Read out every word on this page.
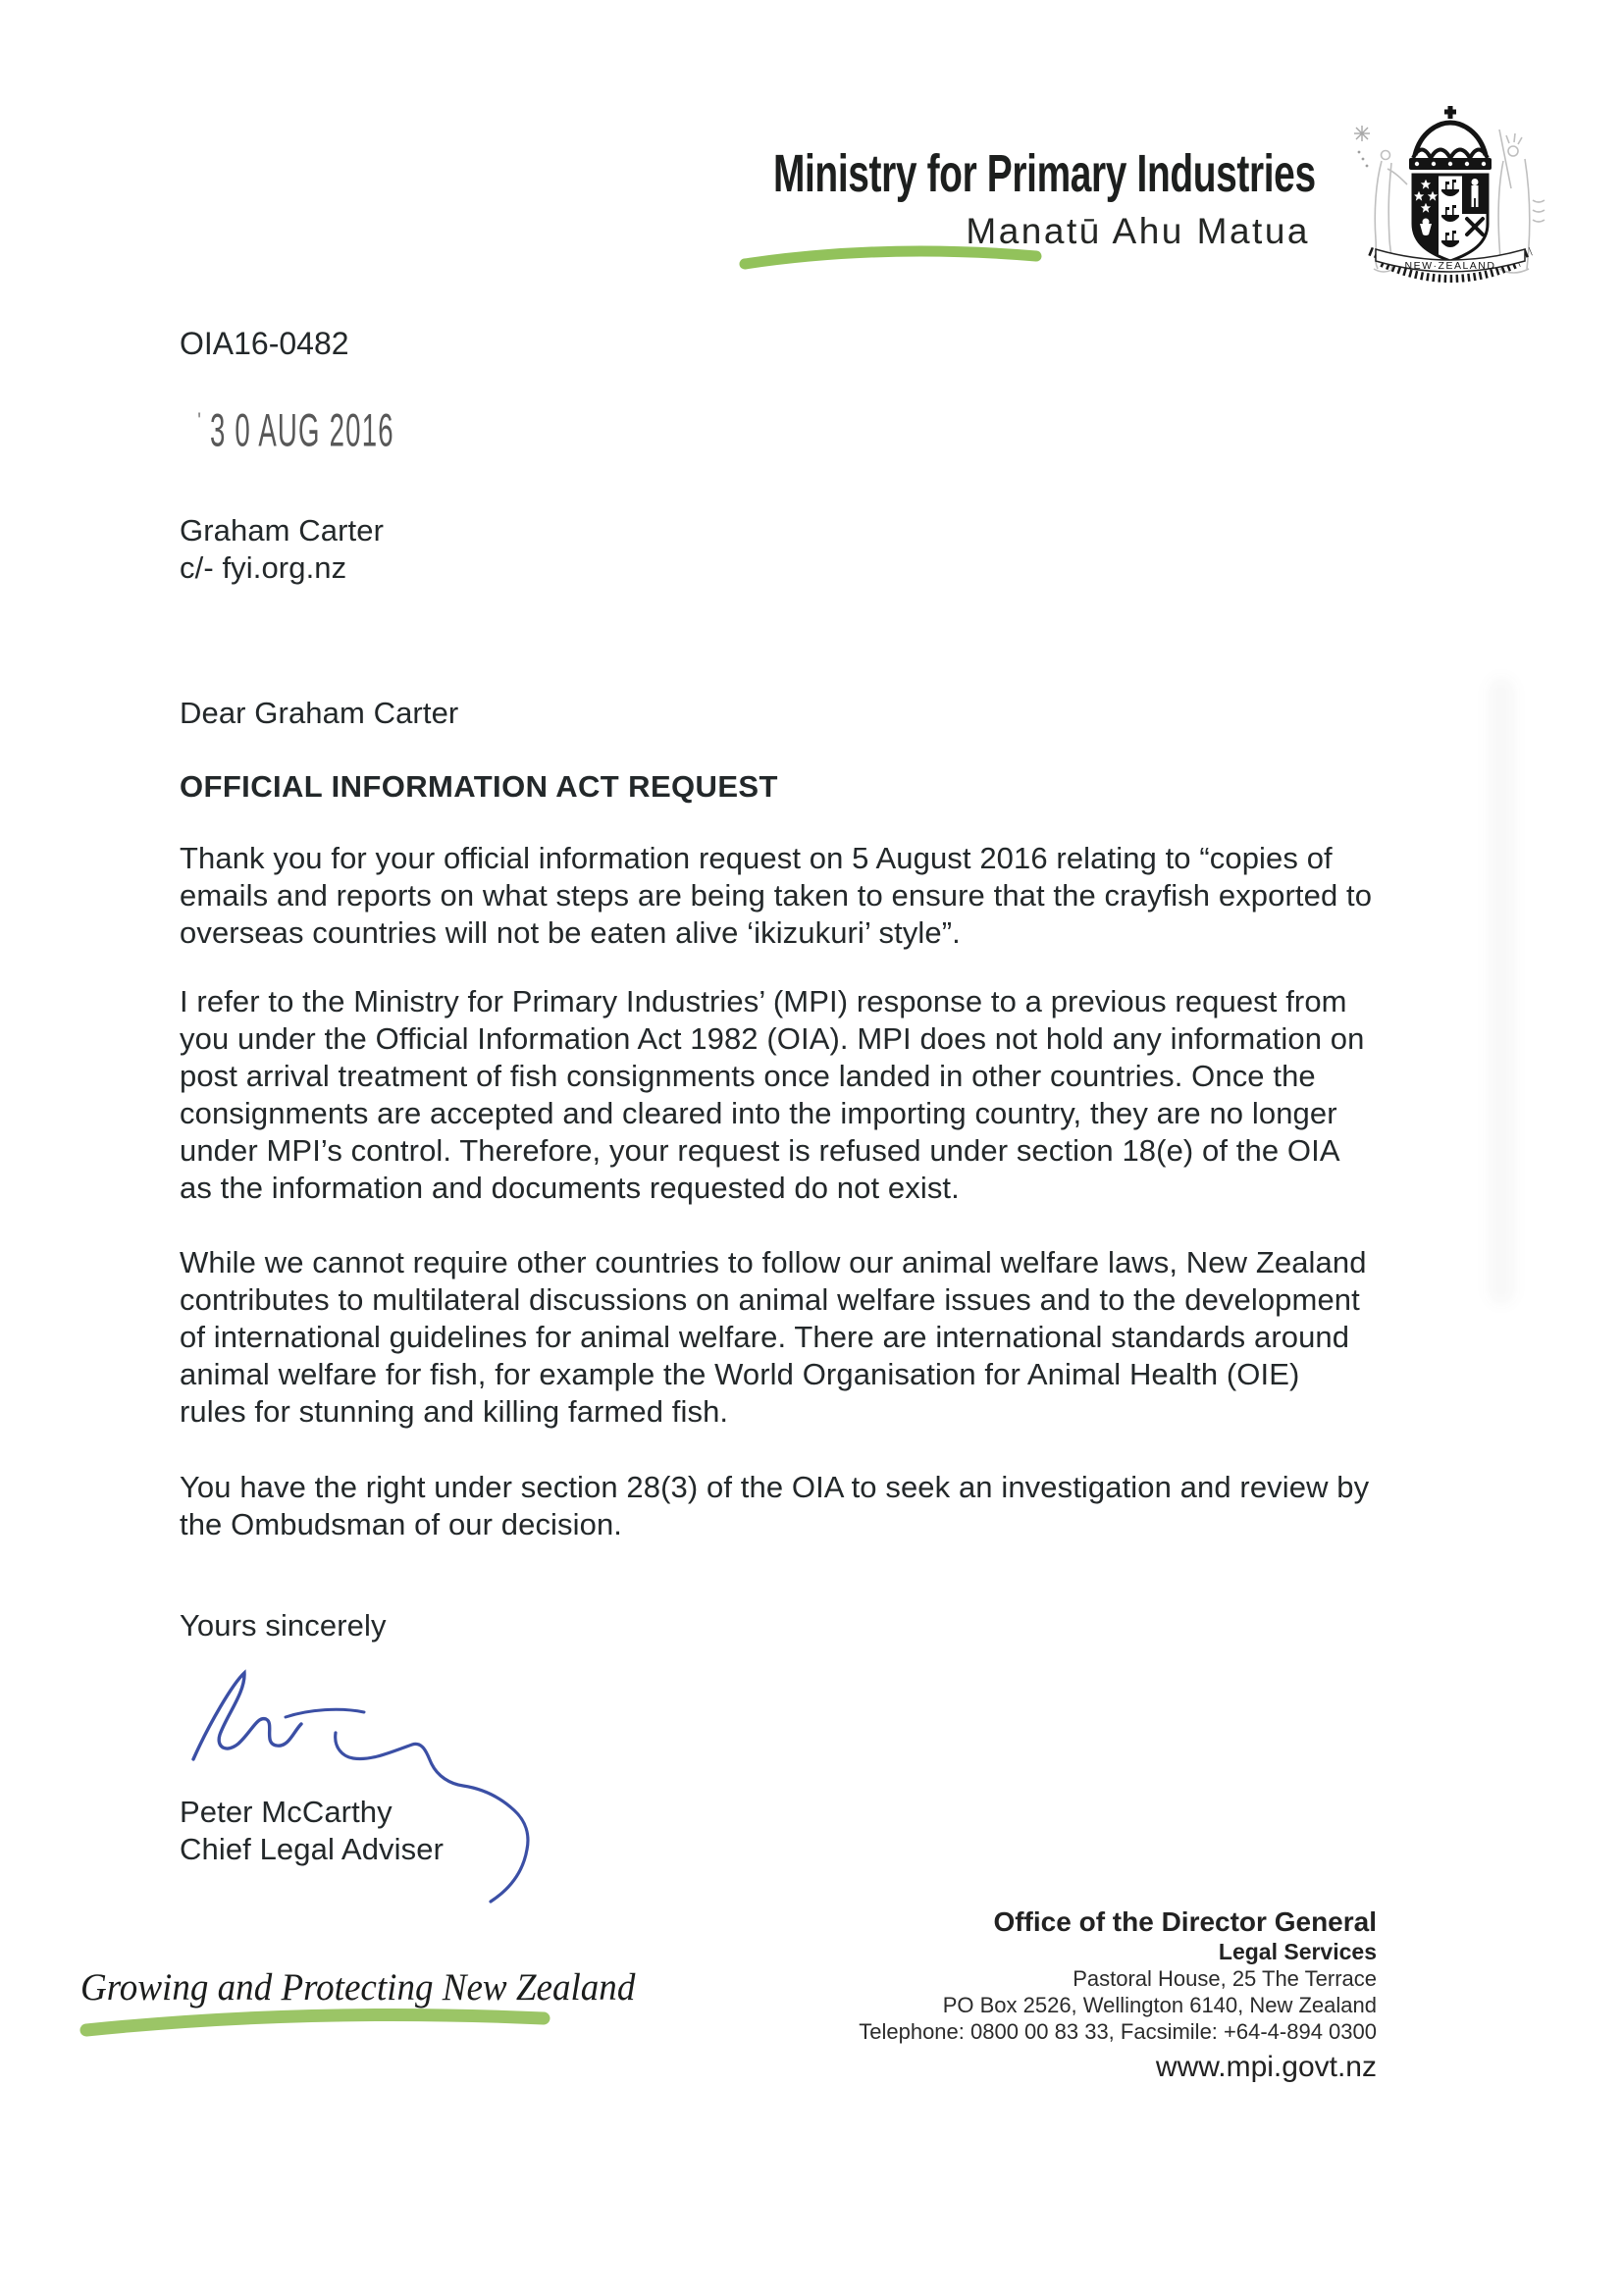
Ministry for Primary Industries
Manatū Ahu Matua
NEW·ZEALAND
OIA16-0482
' 3 0 AUG 2016
Graham Carter
c/- fyi.org.nz
Dear Graham Carter
OFFICIAL INFORMATION ACT REQUEST
Thank you for your official information request on 5 August 2016 relating to “copies of
emails and reports on what steps are being taken to ensure that the crayfish exported to
overseas countries will not be eaten alive ‘ikizukuri’ style”.
I refer to the Ministry for Primary Industries’ (MPI) response to a previous request from
you under the Official Information Act 1982 (OIA). MPI does not hold any information on
post arrival treatment of fish consignments once landed in other countries. Once the
consignments are accepted and cleared into the importing country, they are no longer
under MPI’s control. Therefore, your request is refused under section 18(e) of the OIA
as the information and documents requested do not exist.
While we cannot require other countries to follow our animal welfare laws, New Zealand
contributes to multilateral discussions on animal welfare issues and to the development
of international guidelines for animal welfare. There are international standards around
animal welfare for fish, for example the World Organisation for Animal Health (OIE)
rules for stunning and killing farmed fish.
You have the right under section 28(3) of the OIA to seek an investigation and review by
the Ombudsman of our decision.
Yours sincerely
Peter McCarthy
Chief Legal Adviser
Office of the Director General
Legal Services
Pastoral House, 25 The Terrace
PO Box 2526, Wellington 6140, New Zealand
Telephone: 0800 00 83 33, Facsimile: +64-4-894 0300
www.mpi.govt.nz
Growing and Protecting New Zealand
